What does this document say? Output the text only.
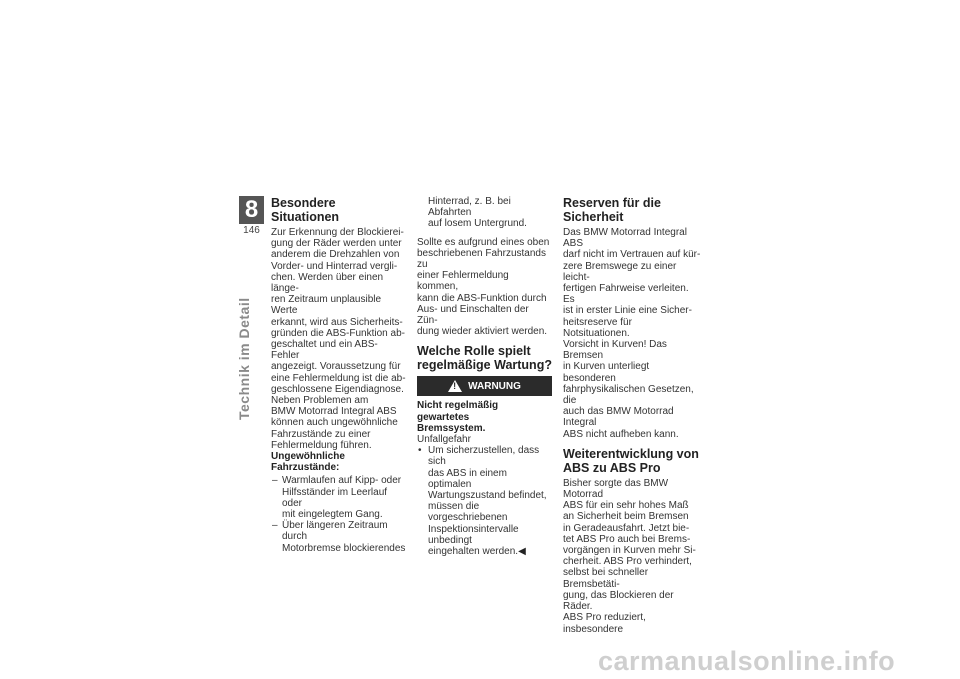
8
146
Technik im Detail
Besondere Situationen

Zur Erkennung der Blockierei-
gung der Räder werden unter
anderem die Drehzahlen von
Vorder- und Hinterrad vergli-
chen. Werden über einen länge-
ren Zeitraum unplausible Werte
erkannt, wird aus Sicherheits-
gründen die ABS-Funktion ab-
geschaltet und ein ABS-Fehler
angezeigt. Voraussetzung für
eine Fehlermeldung ist die ab-
geschlossene Eigendiagnose.

Neben Problemen am
BMW Motorrad Integral ABS
können auch ungewöhnliche
Fahrzustände zu einer
Fehlermeldung führen.

Ungewöhnliche
Fahrzustände:

– Warmlaufen auf Kipp- oder
Hilfsständer im Leerlauf oder
mit eingelegtem Gang.
– Über längeren Zeitraum durch
Motorbremse blockierendes

Hinterrad, z. B. bei Abfahrten
auf losem Untergrund.

Sollte es aufgrund eines oben
beschriebenen Fahrzustands zu
einer Fehlermeldung kommen,
kann die ABS-Funktion durch
Aus- und Einschalten der Zün-
dung wieder aktiviert werden.

Welche Rolle spielt
regelmäßige Wartung?
!
WARNUNG

Nicht regelmäßig gewartetes
Bremssystem.

Unfallgefahr

• Um sicherzustellen, dass sich
das ABS in einem optimalen
Wartungszustand befindet,
müssen die vorgeschriebenen
Inspektionsintervalle unbedingt
eingehalten werden.◀
Reserven für die
Sicherheit

Das BMW Motorrad Integral ABS
darf nicht im Vertrauen auf kür-
zere Bremswege zu einer leicht-
fertigen Fahrweise verleiten. Es
ist in erster Linie eine Sicher-
heitsreserve für Notsituationen.
Vorsicht in Kurven! Das Bremsen
in Kurven unterliegt besonderen
fahrphysikalischen Gesetzen, die
auch das BMW Motorrad Integral
ABS nicht aufheben kann.

Weiterentwicklung von
ABS zu ABS Pro

Bisher sorgte das BMW Motorrad
ABS für ein sehr hohes Maß
an Sicherheit beim Bremsen
in Geradeausfahrt. Jetzt bie-
tet ABS Pro auch bei Brems-
vorgängen in Kurven mehr Si-
cherheit. ABS Pro verhindert,
selbst bei schneller Bremsbetäti-
gung, das Blockieren der Räder.
ABS Pro reduziert, insbesondere

carmanualsonline.info
